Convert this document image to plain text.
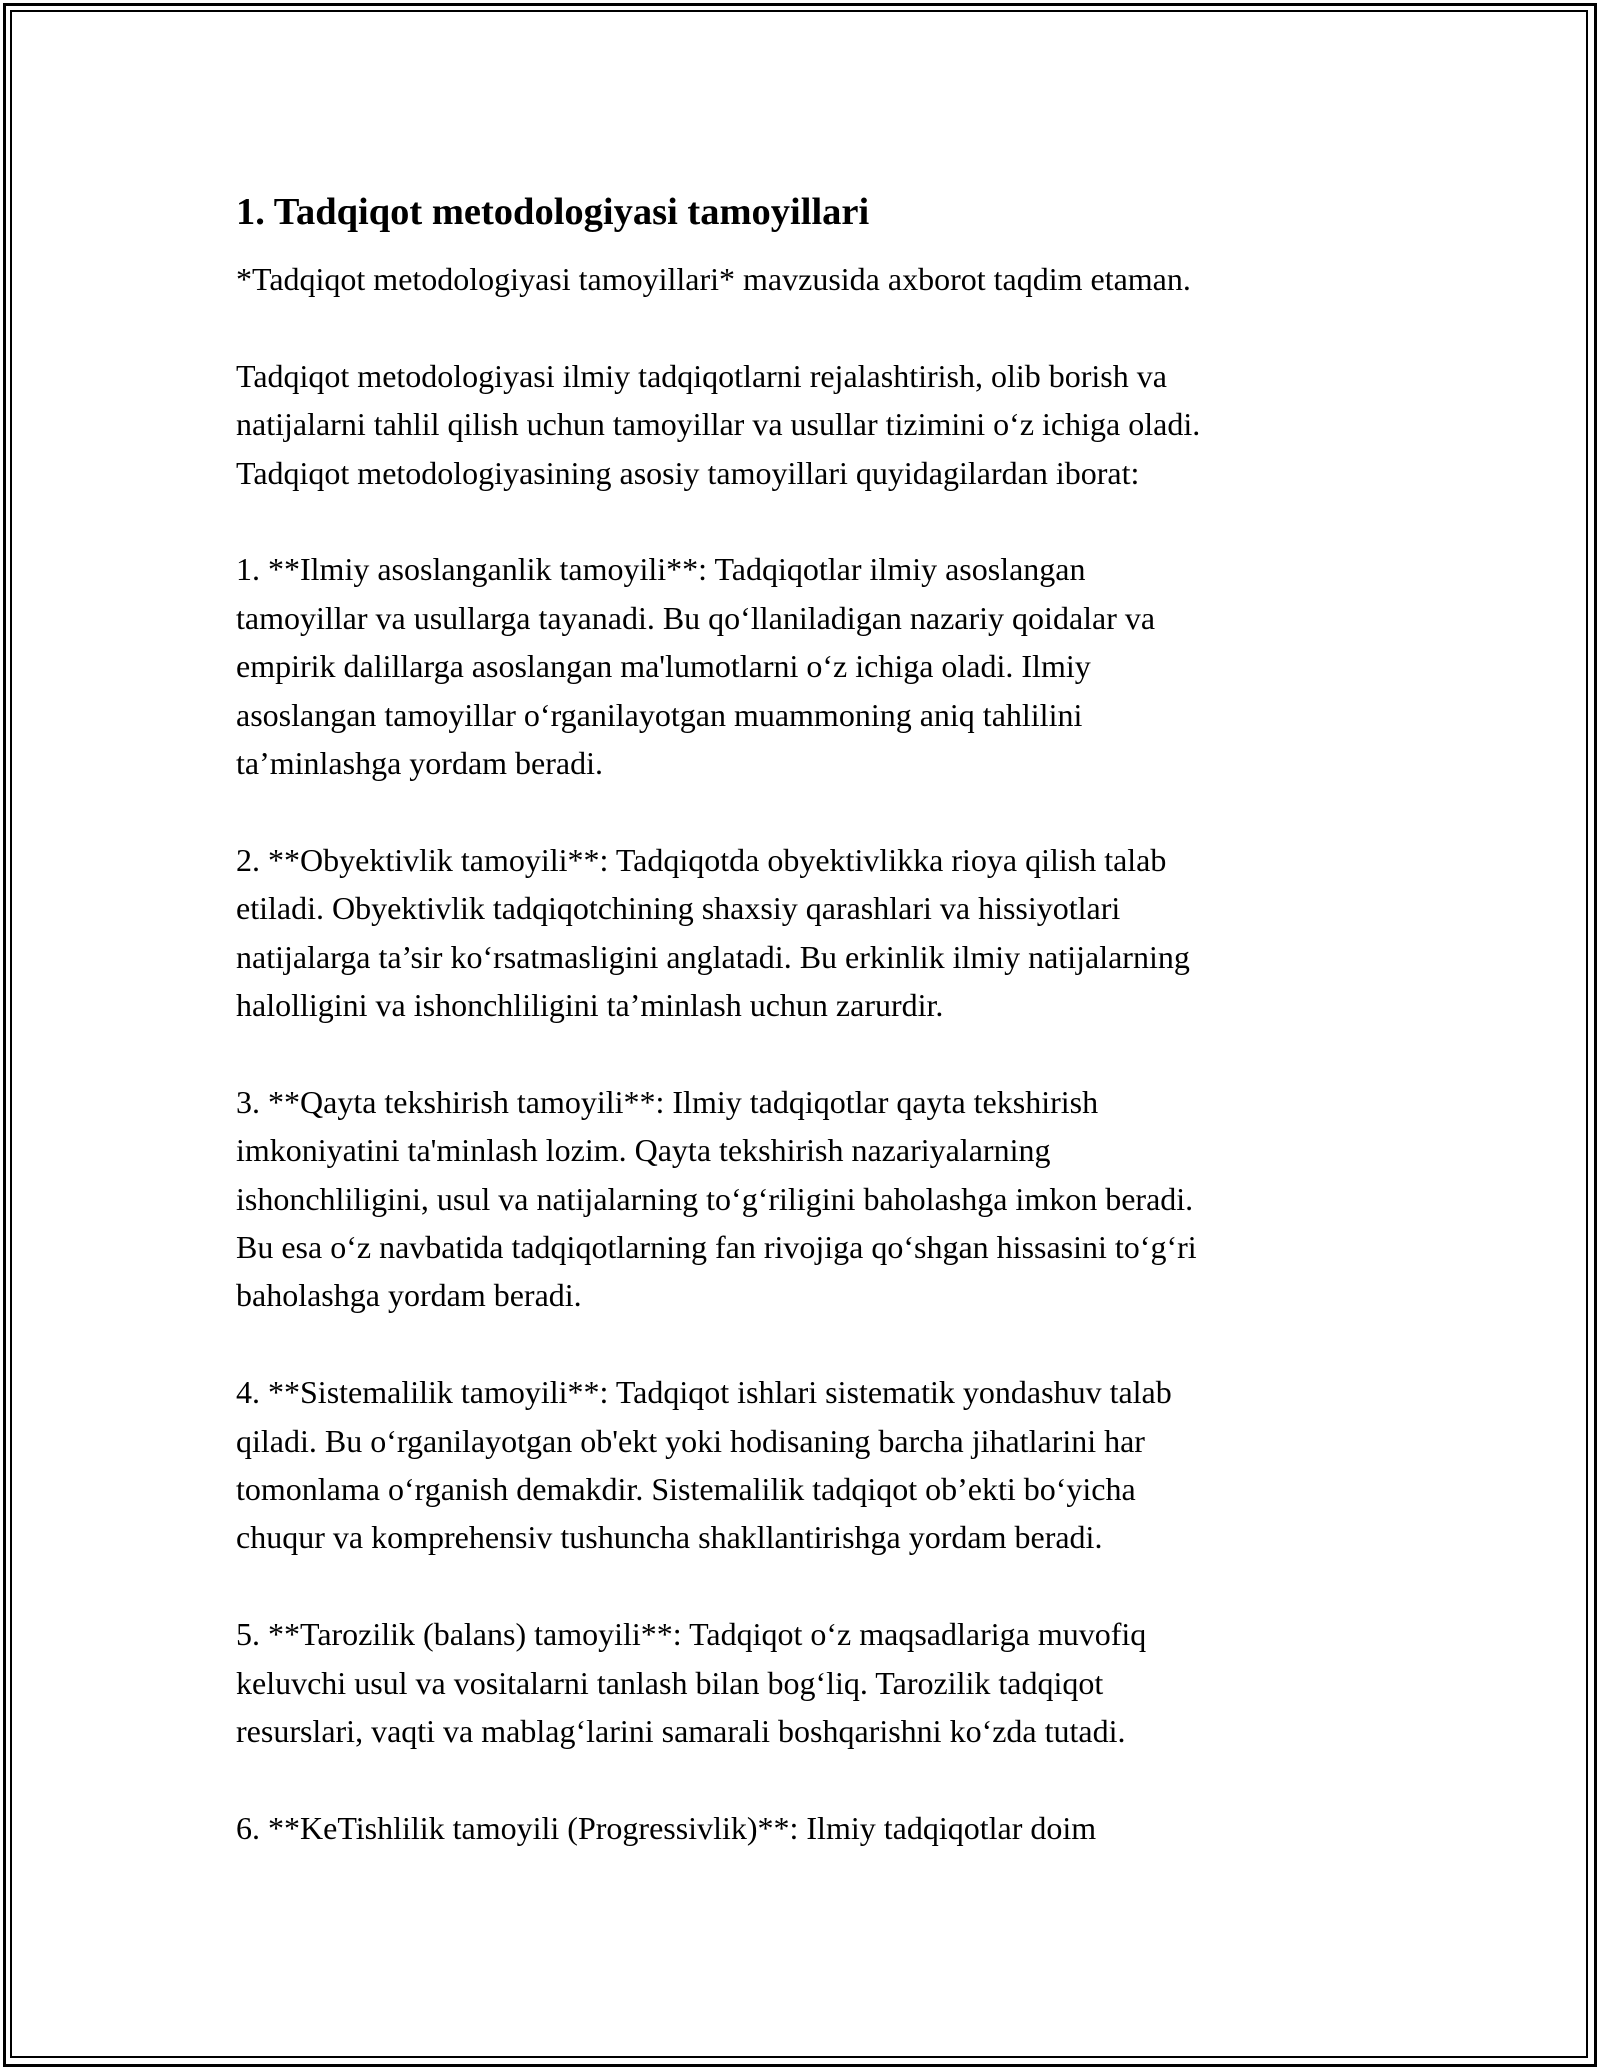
1. Tadqiqot metodologiyasi tamoyillari
*Tadqiqot metodologiyasi tamoyillari* mavzusida axborot taqdim etaman.
Tadqiqot metodologiyasi ilmiy tadqiqotlarni rejalashtirish, olib borish va
natijalarni tahlil qilish uchun tamoyillar va usullar tizimini o‘z ichiga oladi.
Tadqiqot metodologiyasining asosiy tamoyillari quyidagilardan iborat:
1. **Ilmiy asoslanganlik tamoyili**: Tadqiqotlar ilmiy asoslangan
tamoyillar va usullarga tayanadi. Bu qo‘llaniladigan nazariy qoidalar va
empirik dalillarga asoslangan ma'lumotlarni o‘z ichiga oladi. Ilmiy
asoslangan tamoyillar o‘rganilayotgan muammoning aniq tahlilini
ta’minlashga yordam beradi.
2. **Obyektivlik tamoyili**: Tadqiqotda obyektivlikka rioya qilish talab
etiladi. Obyektivlik tadqiqotchining shaxsiy qarashlari va hissiyotlari
natijalarga ta’sir ko‘rsatmasligini anglatadi. Bu erkinlik ilmiy natijalarning
halolligini va ishonchliligini ta’minlash uchun zarurdir.
3. **Qayta tekshirish tamoyili**: Ilmiy tadqiqotlar qayta tekshirish
imkoniyatini ta'minlash lozim. Qayta tekshirish nazariyalarning
ishonchliligini, usul va natijalarning to‘g‘riligini baholashga imkon beradi.
Bu esa o‘z navbatida tadqiqotlarning fan rivojiga qo‘shgan hissasini to‘g‘ri
baholashga yordam beradi.
4. **Sistemalilik tamoyili**: Tadqiqot ishlari sistematik yondashuv talab
qiladi. Bu o‘rganilayotgan ob'ekt yoki hodisaning barcha jihatlarini har
tomonlama o‘rganish demakdir. Sistemalilik tadqiqot ob’ekti bo‘yicha
chuqur va komprehensiv tushuncha shakllantirishga yordam beradi.
5. **Tarozilik (balans) tamoyili**: Tadqiqot o‘z maqsadlariga muvofiq
keluvchi usul va vositalarni tanlash bilan bog‘liq. Tarozilik tadqiqot
resurslari, vaqti va mablag‘larini samarali boshqarishni ko‘zda tutadi.
6. **KeTishlilik tamoyili (Progressivlik)**: Ilmiy tadqiqotlar doim
